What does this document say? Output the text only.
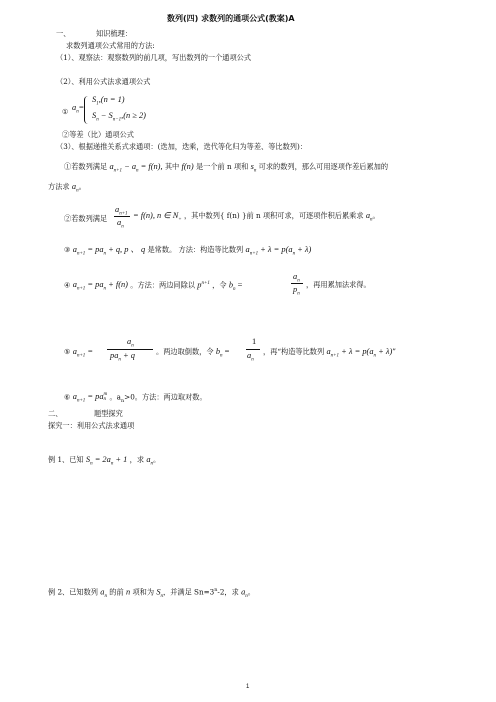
数列(四) 求数列的通项公式(教案)A
一、	知识梳理：
求数列通项公式常用的方法:
（1）、观察法：观察数列的前几项，写出数列的一个通项公式
（2）、利用公式法求通项公式
① $a_n$
=
$S_1,(n = 1)$
$S_n - S_{n-1},(n \ge 2)$
②等差（比）通项公式
（3）、根据递推关系式求通项：(迭加，迭乘，迭代等化归为等差、等比数列)：
①若数列满足 $a_{n+1} - a_n = f(n)$, 其中 f(n) 是一个前 n 项和 $s_n$ 可求的数列，那么可用逐项作差后累加的
方法求 $a_n$。
②若数列满足
$a_{n+1}$
$a_n$
= f(n), n ∈ $N_+$ ，其中数列{ f(n) }前 n 项积可求，可逐项作积后累乘求 $a_n$。
③ $a_{n+1} = pa_n + q$, p 、 q 是常数。 方法：构造等比数列 $a_{n+1} + \lambda = p(a_n + \lambda)$
④ $a_{n+1} = pa_n + f(n)$ 。方法：两边同除以 $p^{n+1}$ ，令 $b_n$ =
$a_n$
$p_n$
，再用累加法求得。
⑤ $a_{n+1}$ =
$a_n$
$pa_n + q$	。两边取倒数，令 $b_n$ =
1
$a_n$
，再“构造等比数列 $a_{n+1} + \lambda = p(a_n + \lambda)$”
⑥ $a_{n+1}$ = pa m
n 。$a_n>0$。方法：两边取对数。
二、	题型探究
探究一：利用公式法求通项
例 1、已知 $S_n = 2a_n + 1$ ，求 $a_n$。
例 2、已知数列 $a_n$ 的前 n 项和为 $S_n$，并满足 $Sn=3^n-2$，求 $a_n$。
1
